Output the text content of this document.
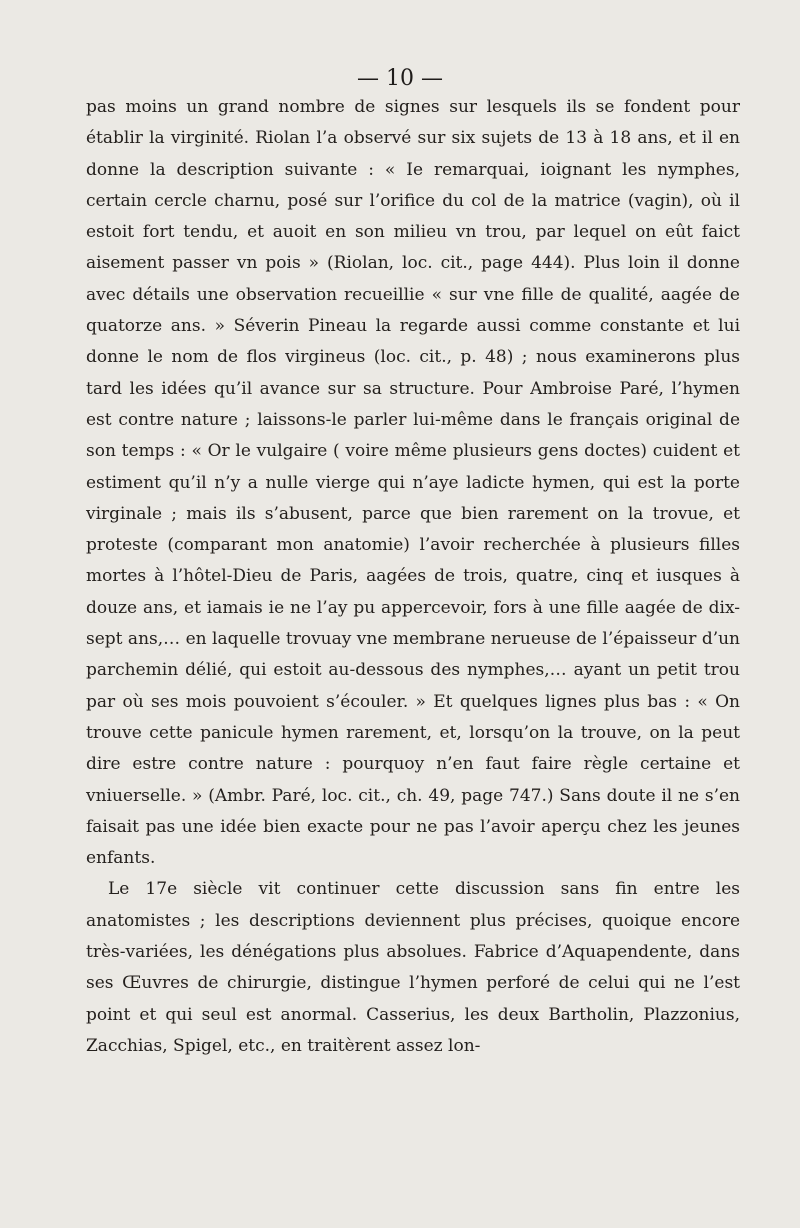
— 10 —

pas moins un grand nombre de signes sur lesquels ils se fondent pour établir la virginité. Riolan l’a observé sur six sujets de 13 à 18 ans, et il en donne la description suivante : « Ie remarquai, ioignant les nymphes, certain cercle charnu, posé sur l’orifice du col de la matrice (vagin), où il estoit fort tendu, et auoit en son milieu vn trou, par lequel on eût faict aisement passer vn pois » (Riolan, loc. cit., page 444). Plus loin il donne avec détails une observation recueillie « sur vne fille de qualité, aagée de quatorze ans. » Séverin Pineau la regarde aussi comme constante et lui donne le nom de flos virgineus (loc. cit., p. 48) ; nous examinerons plus tard les idées qu’il avance sur sa structure. Pour Ambroise Paré, l’hymen est contre nature ; laissons-le parler lui-même dans le français original de son temps : « Or le vulgaire ( voire même plusieurs gens doctes) cuident et estiment qu’il n’y a nulle vierge qui n’aye ladicte hymen, qui est la porte virginale ; mais ils s’abusent, parce que bien rarement on la trovue, et proteste (comparant mon anatomie) l’avoir recherchée à plusieurs filles mortes à l’hôtel-Dieu de Paris, aagées de trois, quatre, cinq et iusques à douze ans, et iamais ie ne l’ay pu appercevoir, fors à une fille aagée de dix-sept ans,… en laquelle trovuay vne membrane nerueuse de l’épaisseur d’un parchemin délié, qui estoit au-dessous des nymphes,… ayant un petit trou par où ses mois pouvoient s’écouler. » Et quelques lignes plus bas : « On trouve cette panicule hymen rarement, et, lorsqu’on la trouve, on la peut dire estre contre nature : pourquoy n’en faut faire règle certaine et vniuerselle. » (Ambr. Paré, loc. cit., ch. 49, page 747.) Sans doute il ne s’en faisait pas une idée bien exacte pour ne pas l’avoir aperçu chez les jeunes enfants.

Le 17e siècle vit continuer cette discussion sans fin entre les anatomistes ; les descriptions deviennent plus précises, quoique encore très-variées, les dénégations plus absolues. Fabrice d’Aquapendente, dans ses Œuvres de chirurgie, distingue l’hymen perforé de celui qui ne l’est point et qui seul est anormal. Casserius, les deux Bartholin, Plazzonius, Zacchias, Spigel, etc., en traitèrent assez lon-
